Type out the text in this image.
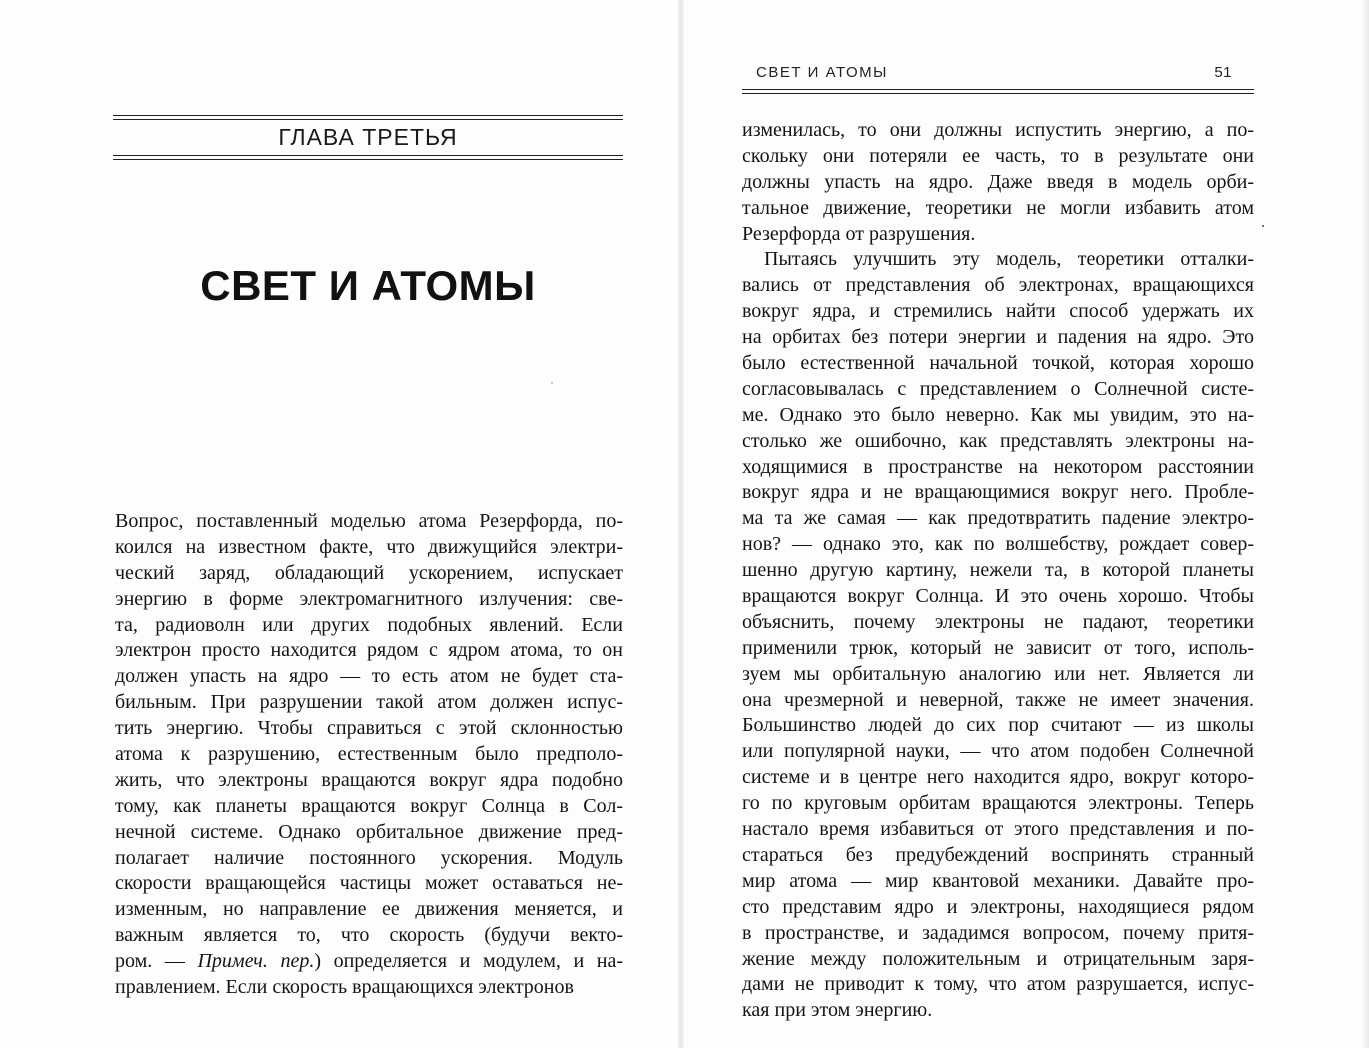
ГЛАВА ТРЕТЬЯ
СВЕТ И АТОМЫ
Вопрос, поставленный моделью атома Резерфорда, по-
коился на известном факте, что движущийся электри-
ческий заряд, обладающий ускорением, испускает
энергию в форме электромагнитного излучения: све-
та, радиоволн или других подобных явлений. Если
электрон просто находится рядом с ядром атома, то он
должен упасть на ядро — то есть атом не будет ста-
бильным. При разрушении такой атом должен испус-
тить энергию. Чтобы справиться с этой склонностью
атома к разрушению, естественным было предполо-
жить, что электроны вращаются вокруг ядра подобно
тому, как планеты вращаются вокруг Солнца в Сол-
нечной системе. Однако орбитальное движение пред-
полагает наличие постоянного ускорения. Модуль
скорости вращающейся частицы может оставаться не-
изменным, но направление ее движения меняется, и
важным является то, что скорость (будучи векто-
ром. — Примеч. пер.) определяется и модулем, и на-
правлением. Если скорость вращающихся электронов
СВЕТ И АТОМЫ	51
изменилась, то они должны испустить энергию, а по-
скольку они потеряли ее часть, то в результате они
должны упасть на ядро. Даже введя в модель орби-
тальное движение, теоретики не могли избавить атом
Резерфорда от разрушения.
Пытаясь улучшить эту модель, теоретики отталки-
вались от представления об электронах, вращающихся
вокруг ядра, и стремились найти способ удержать их
на орбитах без потери энергии и падения на ядро. Это
было естественной начальной точкой, которая хорошо
согласовывалась с представлением о Солнечной систе-
ме. Однако это было неверно. Как мы увидим, это на-
столько же ошибочно, как представлять электроны на-
ходящимися в пространстве на некотором расстоянии
вокруг ядра и не вращающимися вокруг него. Пробле-
ма та же самая — как предотвратить падение электро-
нов? — однако это, как по волшебству, рождает совер-
шенно другую картину, нежели та, в которой планеты
вращаются вокруг Солнца. И это очень хорошо. Чтобы
объяснить, почему электроны не падают, теоретики
применили трюк, который не зависит от того, исполь-
зуем мы орбитальную аналогию или нет. Является ли
она чрезмерной и неверной, также не имеет значения.
Большинство людей до сих пор считают — из школы
или популярной науки, — что атом подобен Солнечной
системе и в центре него находится ядро, вокруг которо-
го по круговым орбитам вращаются электроны. Теперь
настало время избавиться от этого представления и по-
стараться без предубеждений воспринять странный
мир атома — мир квантовой механики. Давайте про-
сто представим ядро и электроны, находящиеся рядом
в пространстве, и зададимся вопросом, почему притя-
жение между положительным и отрицательным заря-
дами не приводит к тому, что атом разрушается, испус-
кая при этом энергию.
